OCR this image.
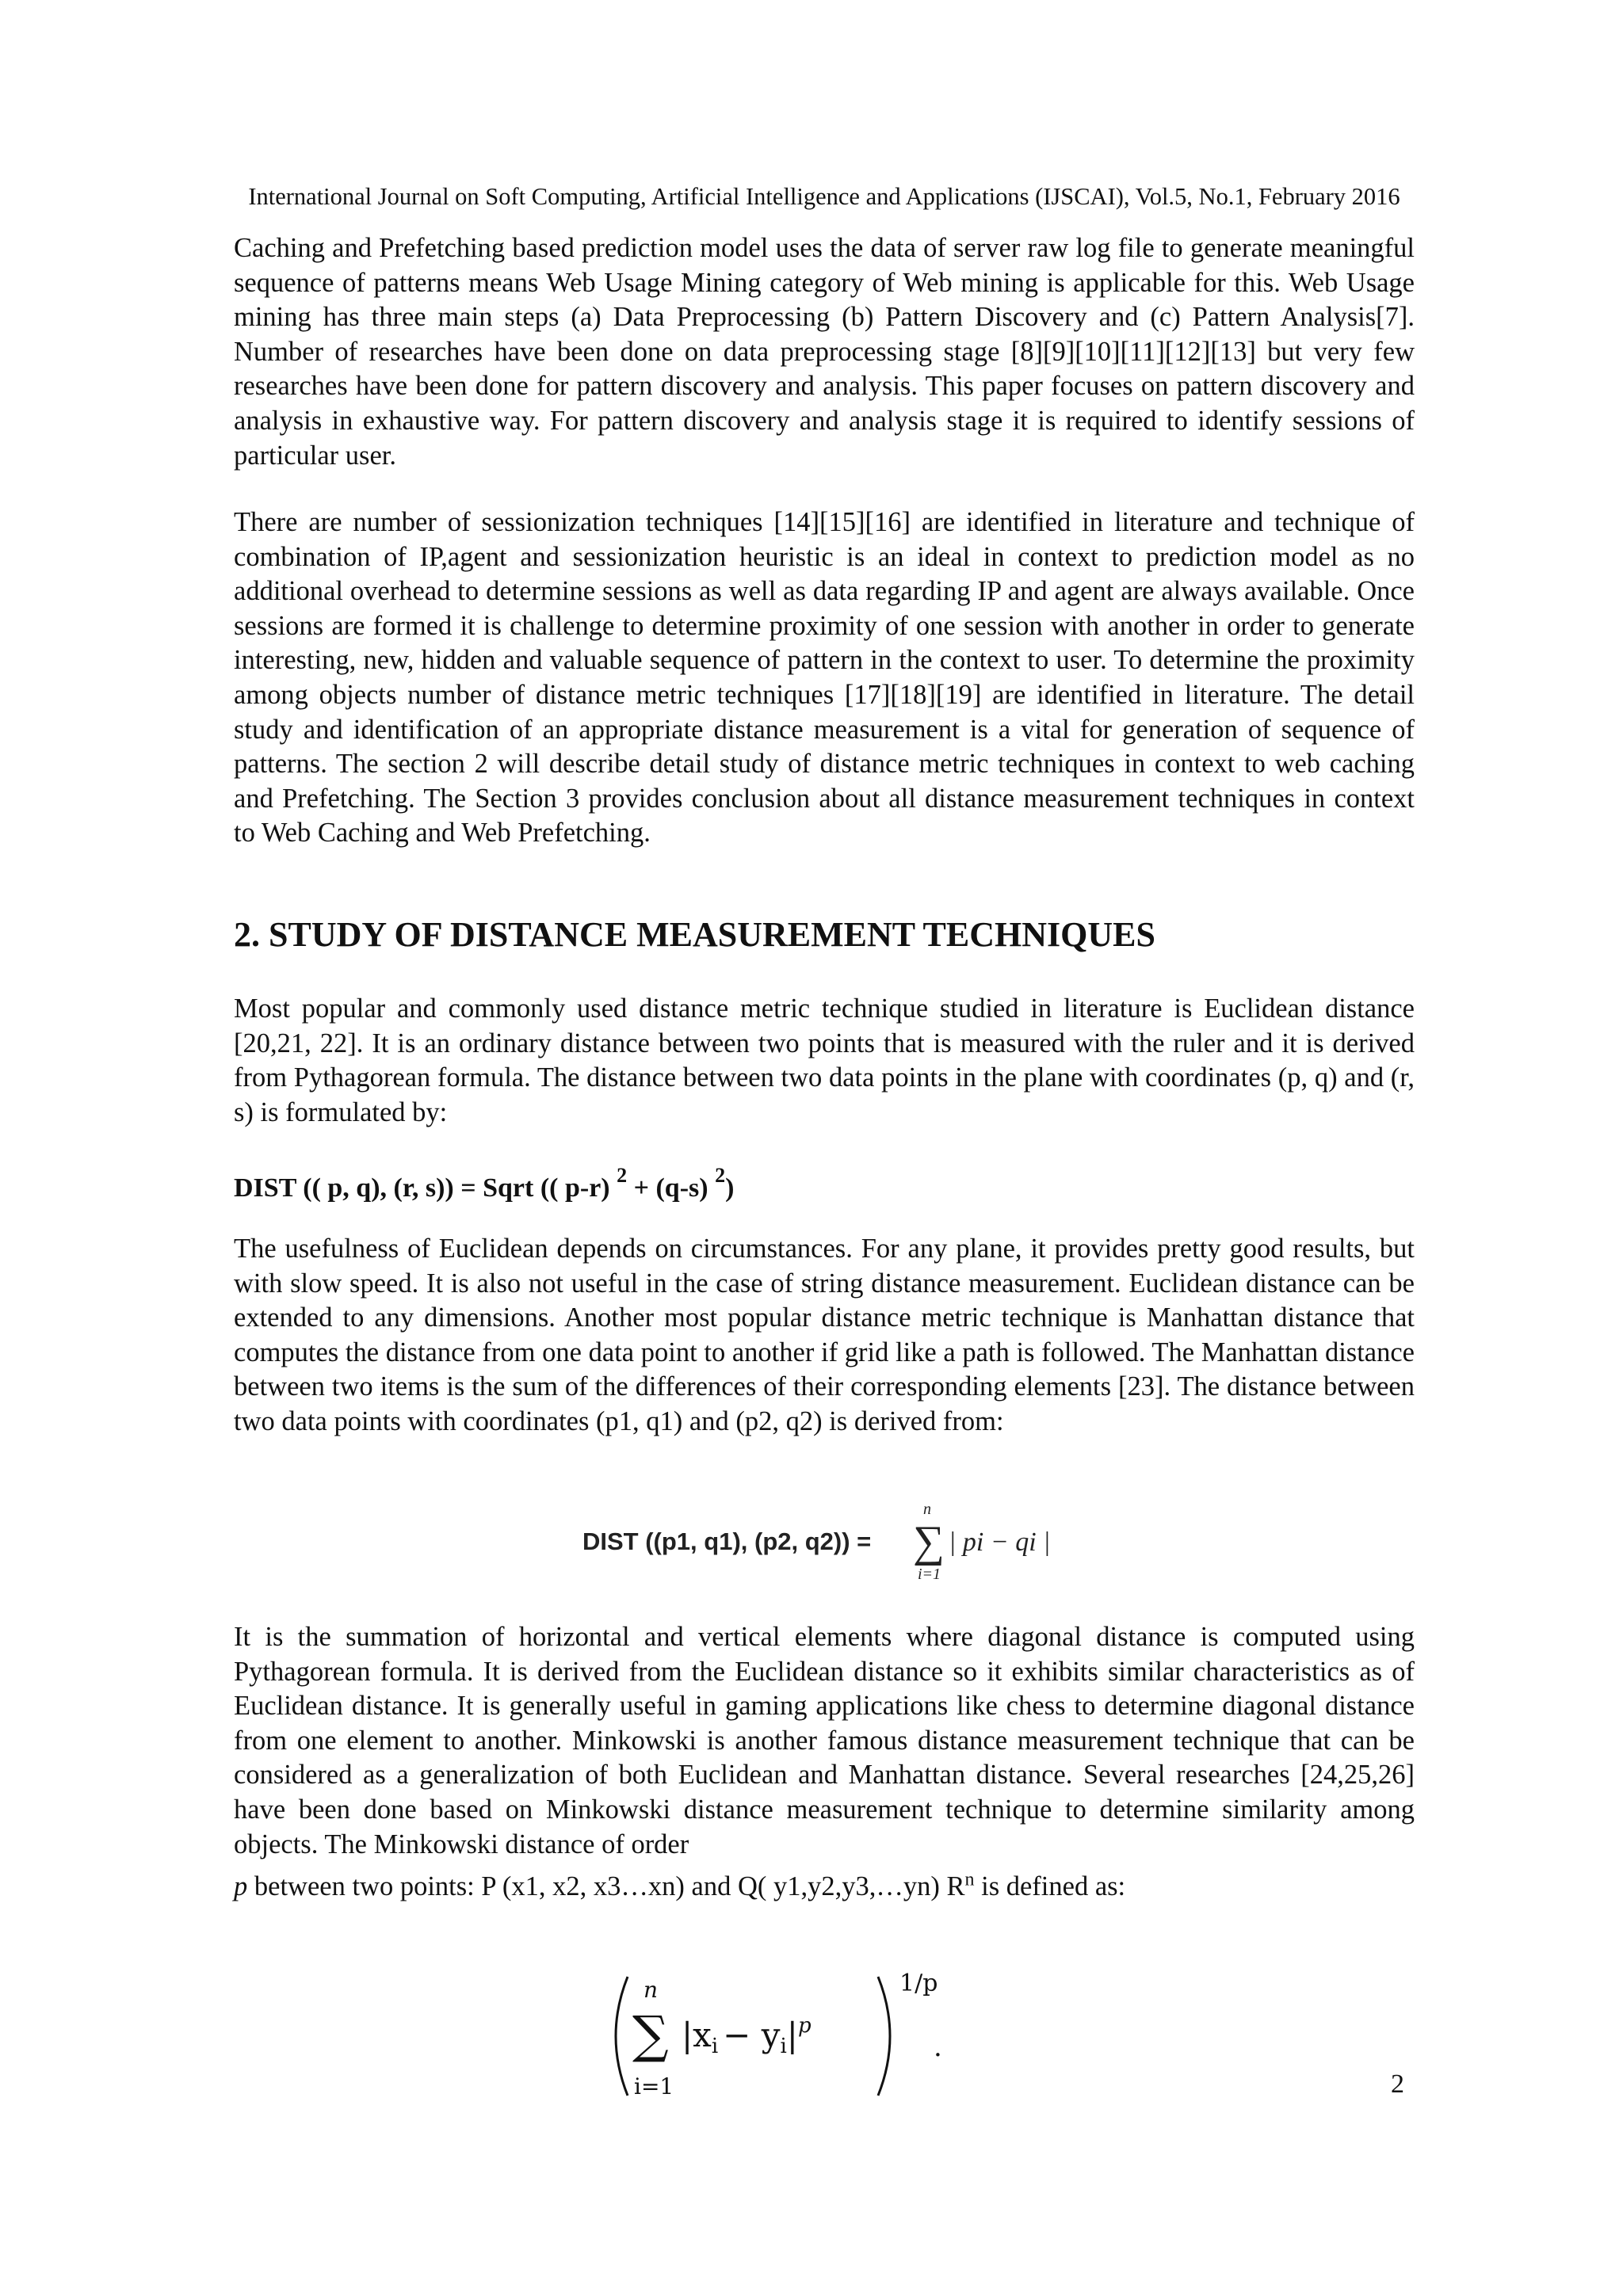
International Journal on Soft Computing, Artificial Intelligence and Applications (IJSCAI), Vol.5, No.1, February 2016

Caching and Prefetching based prediction model uses the data of server raw log file to generate meaningful sequence of patterns means Web Usage Mining category of Web mining is applicable for this. Web Usage mining has three main steps (a) Data Preprocessing (b) Pattern Discovery and (c) Pattern Analysis[7]. Number of researches have been done on data preprocessing stage [8][9][10][11][12][13] but very few researches have been done for pattern discovery and analysis. This paper focuses on pattern discovery and analysis in exhaustive way. For pattern discovery and analysis stage it is required to identify sessions of particular user.

There are number of sessionization techniques [14][15][16] are identified in literature and technique of combination of IP,agent and sessionization heuristic is an ideal in context to prediction model as no additional overhead to determine sessions as well as data regarding IP and agent are always available. Once sessions are formed it is challenge to determine proximity of one session with another in order to generate interesting, new, hidden and valuable sequence of pattern in the context to user. To determine the proximity among objects number of distance metric techniques [17][18][19] are identified in literature. The detail study and identification of an appropriate distance measurement is a vital for generation of sequence of patterns. The section 2 will describe detail study of distance metric techniques in context to web caching and Prefetching. The Section 3 provides conclusion about all distance measurement techniques in context to Web Caching and Web Prefetching.

2. STUDY OF DISTANCE MEASUREMENT TECHNIQUES

Most popular and commonly used distance metric technique studied in literature is Euclidean distance [20,21, 22]. It is an ordinary distance between two points that is measured with the ruler and it is derived from Pythagorean formula. The distance between two data points in the plane with coordinates (p, q) and (r, s) is formulated by:

DIST (( p, q), (r, s)) = Sqrt (( p-r) $^2$ + (q-s) $^2$)

The usefulness of Euclidean depends on circumstances. For any plane, it provides pretty good results, but with slow speed. It is also not useful in the case of string distance measurement. Euclidean distance can be extended to any dimensions. Another most popular distance metric technique is Manhattan distance that computes the distance from one data point to another if grid like a path is followed. The Manhattan distance between two items is the sum of the differences of their corresponding elements [23]. The distance between two data points with coordinates (p1, q1) and (p2, q2) is derived from:

DIST ((p1, q1), (p2, q2)) =
n
∑
i=1
| pi − qi |

It is the summation of horizontal and vertical elements where diagonal distance is computed using Pythagorean formula. It is derived from the Euclidean distance so it exhibits similar characteristics as of Euclidean distance. It is generally useful in gaming applications like chess to determine diagonal distance from one element to another. Minkowski is another famous distance measurement technique that can be considered as a generalization of both Euclidean and Manhattan distance. Several researches [24,25,26] have been done based on Minkowski distance measurement technique to determine similarity among objects. The Minkowski distance of order

p between two points: P (x1, x2, x3…xn) and Q( y1,y2,y3,…yn) $R^n$ is defined as:
n
∑
i=1
$|xi - yi|^p$
1/p
.
2
